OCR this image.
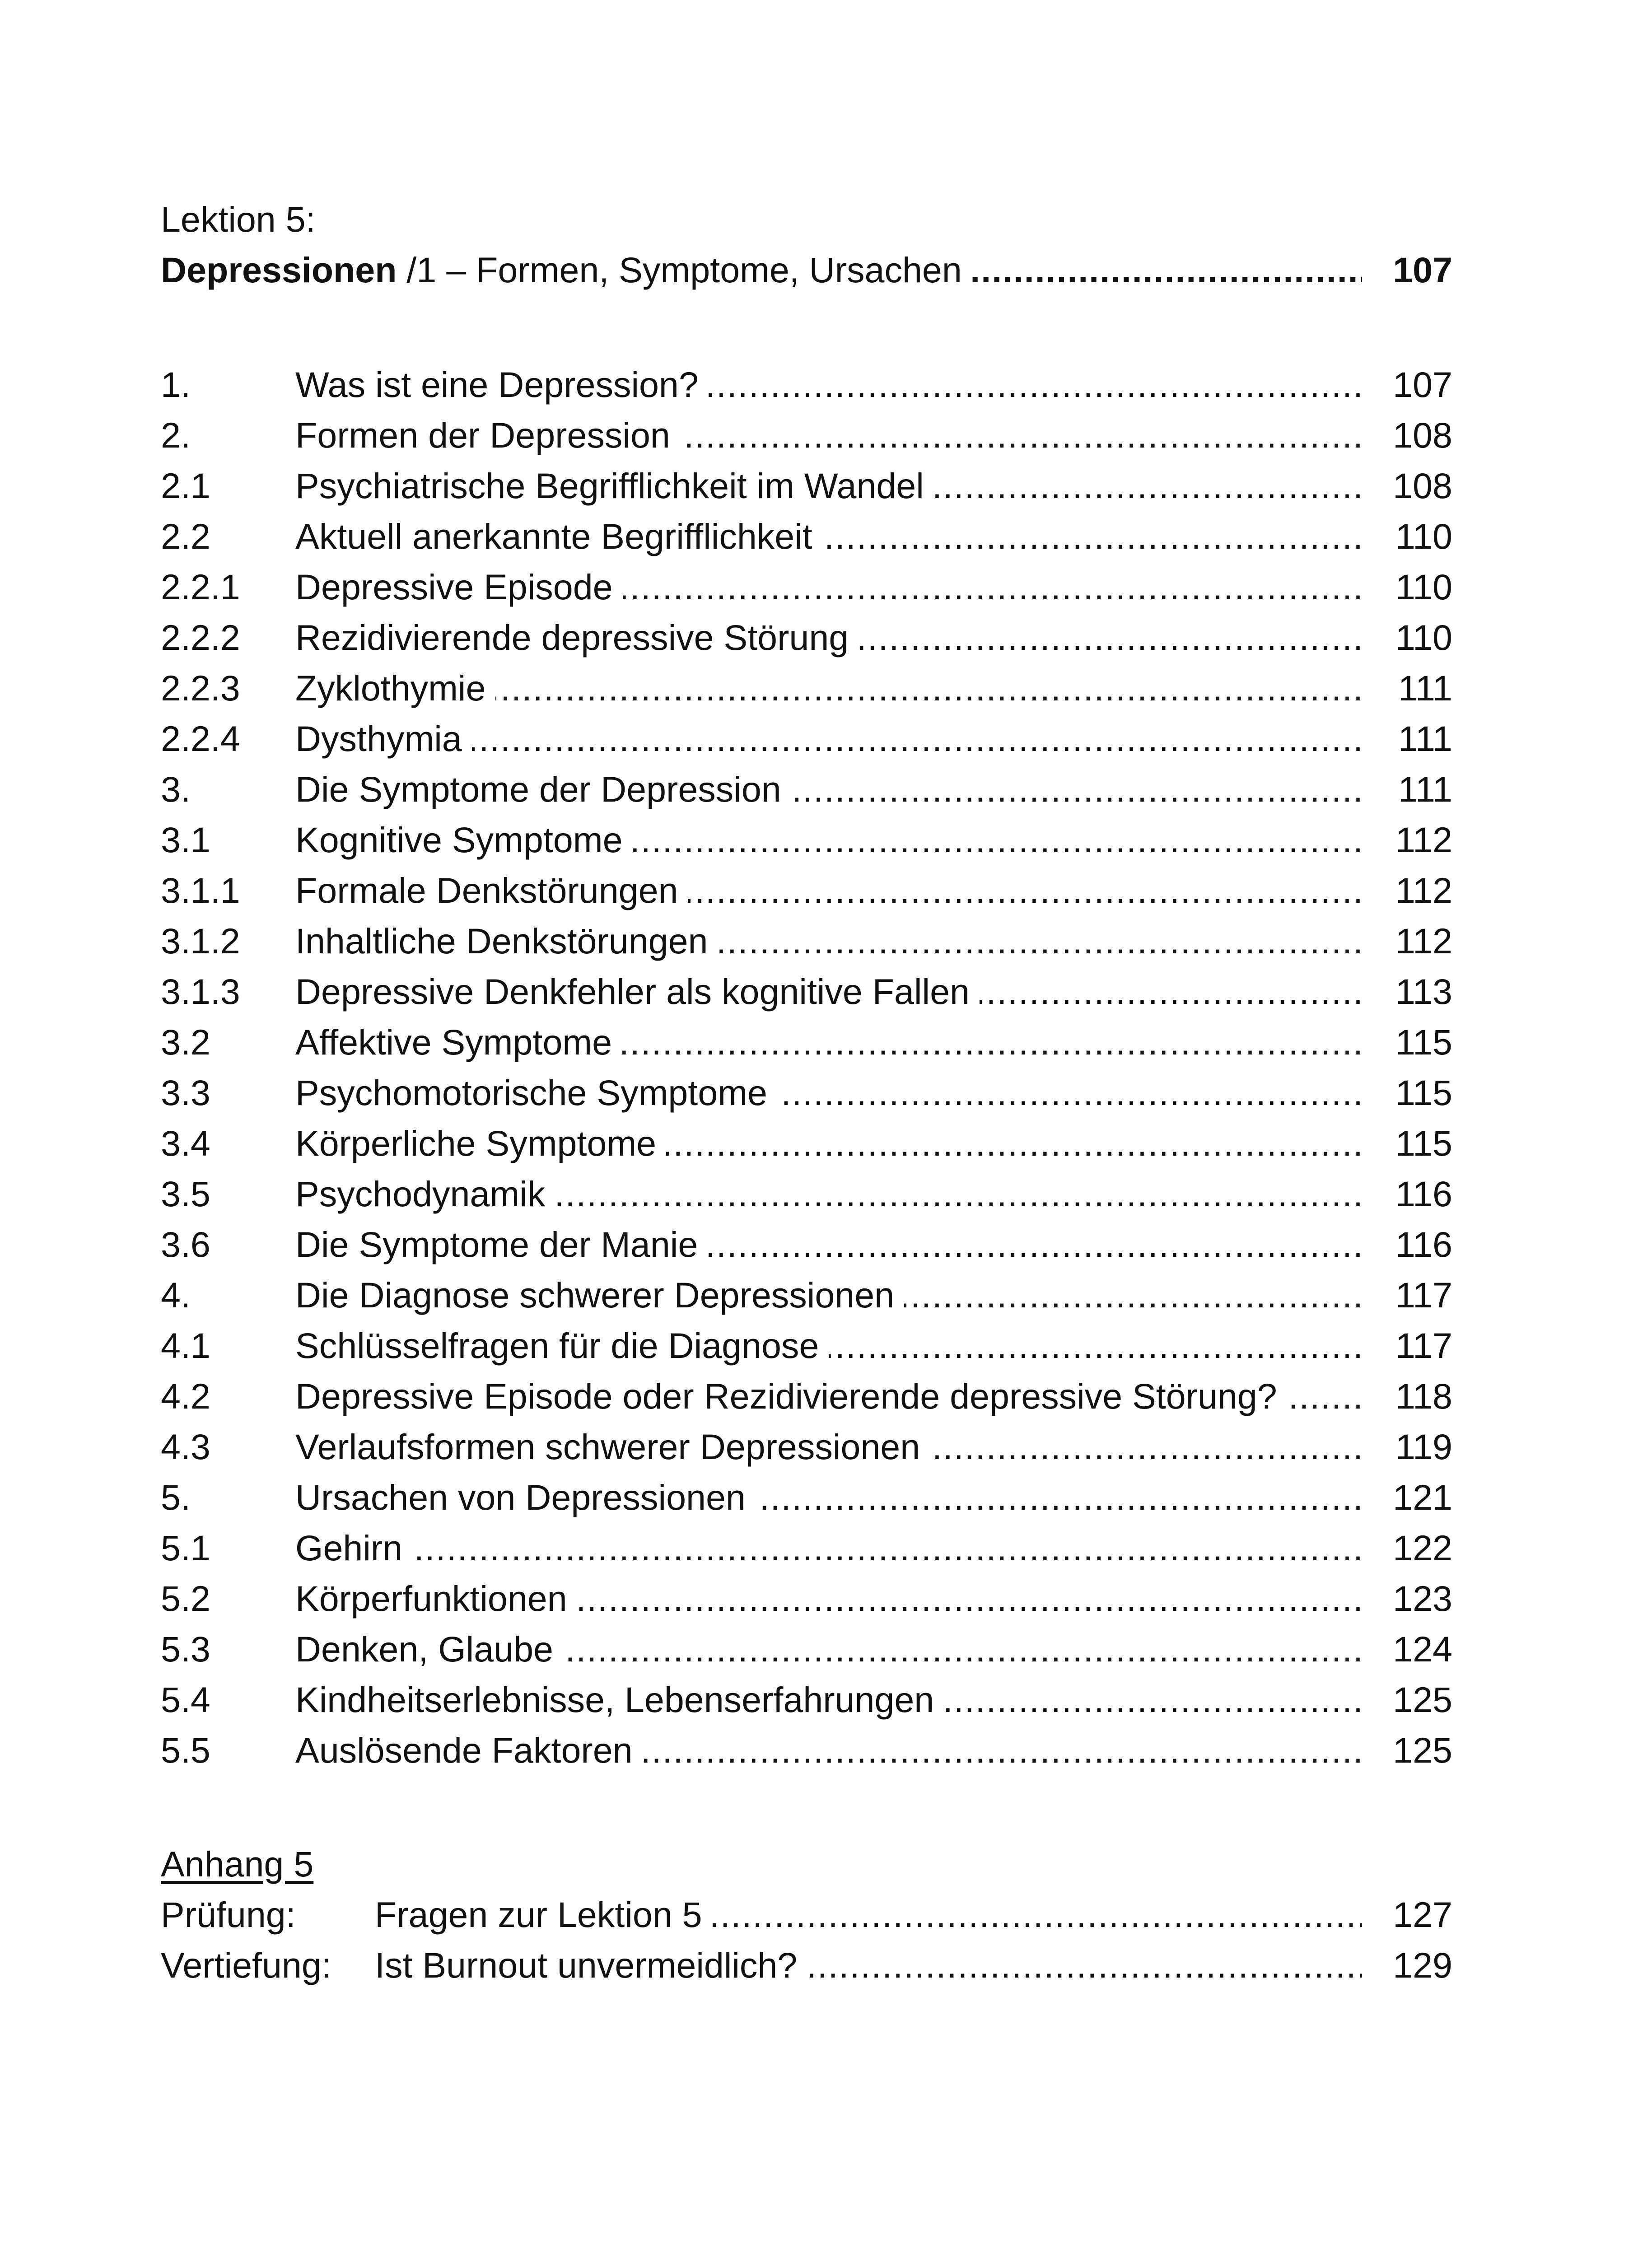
Lektion 5:
Depressionen /1 – Formen, Symptome, Ursachen . . .	107
1.	Was ist eine Depression? . . .	107
2.	Formen der Depression . . .	108
2.1 Psychiatrische Begrifflichkeit im Wandel . . .	108
2.2 Aktuell anerkannte Begrifflichkeit . . .	110
2.2.1 Depressive Episode . . .	110
2.2.2 Rezidivierende depressive Störung . . .	110
2.2.3 Zyklothymie . . .	111
2.2.4 Dysthymia . . .	111
3.	Die Symptome der Depression . . .	111
3.1 Kognitive Symptome . . .	112
3.1.1 Formale Denkstörungen . . .	112
3.1.2 Inhaltliche Denkstörungen . . .	112
3.1.3 Depressive Denkfehler als kognitive Fallen . . .	113
3.2 Affektive Symptome . . .	115
3.3 Psychomotorische Symptome . . .	115
3.4 Körperliche Symptome . . .	115
3.5 Psychodynamik . . .	116
3.6 Die Symptome der Manie . . .	116
4.	Die Diagnose schwerer Depressionen . . .	117
4.1 Schlüsselfragen für die Diagnose . . .	117
4.2 Depressive Episode oder Rezidivierende depressive Störung? . . .	118
4.3 Verlaufsformen schwerer Depressionen . . .	119
5.	Ursachen von Depressionen . . .	121
5.1 Gehirn . . .	122
5.2 Körperfunktionen . . .	123
5.3 Denken, Glaube . . .	124
5.4 Kindheitserlebnisse, Lebenserfahrungen . . .	125
5.5 Auslösende Faktoren . . .	125
Anhang 5
Prüfung: Fragen zur Lektion 5 . . .	127
Vertiefung: Ist Burnout unvermeidlich? . . .	129
